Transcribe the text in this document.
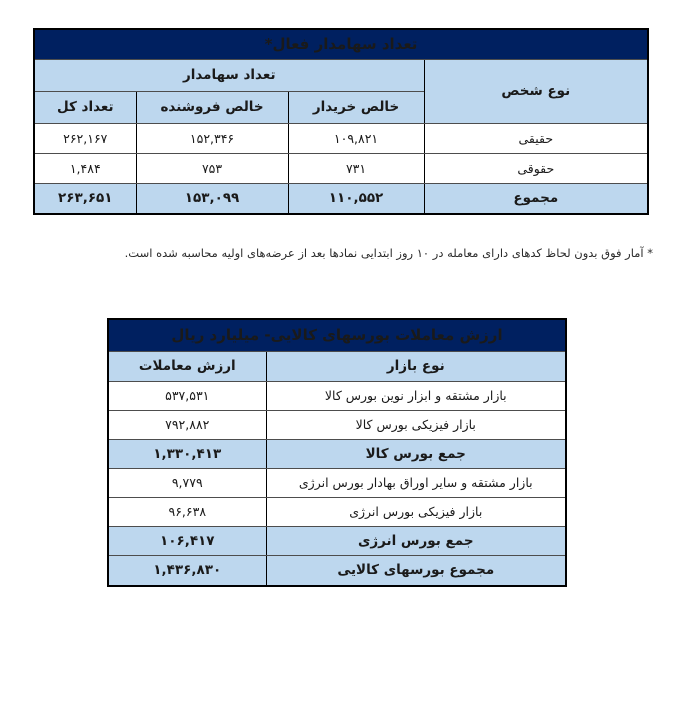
تعداد سهامدار فعال*			
نوع شخص	تعداد سهامدار		
	خالص خریدار	خالص فروشنده	تعداد کل
حقیقی	۱۰۹,۸۲۱	۱۵۲,۳۴۶	۲۶۲,۱۶۷
حقوقی	۷۳۱	۷۵۳	۱,۴۸۴
مجموع	۱۱۰,۵۵۲	۱۵۳,۰۹۹	۲۶۳,۶۵۱
* آمار فوق بدون لحاظ کدهای دارای معامله در ۱۰ روز ابتدایی نمادها بعد از عرضه‌های اولیه محاسبه شده است.
ارزش معاملات بورسهای کالایی- میلیارد ریال	
نوع بازار	ارزش معاملات
بازار مشتقه و ابزار نوین بورس کالا	۵۳۷,۵۳۱
بازار فیزیکی بورس کالا	۷۹۲,۸۸۲
جمع بورس کالا	۱,۳۳۰,۴۱۳
بازار مشتقه و سایر اوراق بهادار بورس انرژی	۹,۷۷۹
بازار فیزیکی بورس انرژی	۹۶,۶۳۸
جمع بورس انرژی	۱۰۶,۴۱۷
مجموع بورسهای کالایی	۱,۴۳۶,۸۳۰
